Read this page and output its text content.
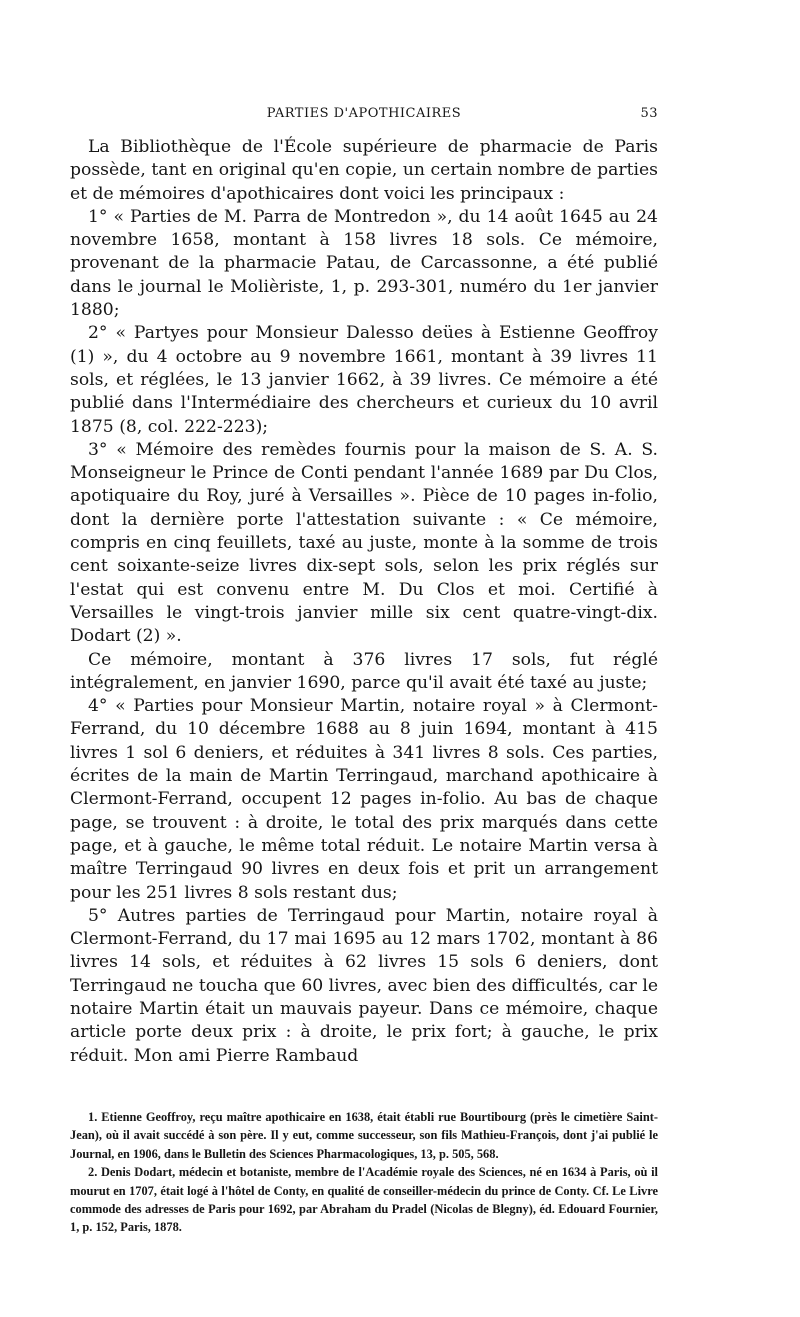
PARTIES D'APOTHICAIRES	53

La Bibliothèque de l'École supérieure de pharmacie de Paris possède, tant en original qu'en copie, un certain nombre de parties et de mémoires d'apothicaires dont voici les principaux :

1° « Parties de M. Parra de Montredon », du 14 août 1645 au 24 novembre 1658, montant à 158 livres 18 sols. Ce mémoire, provenant de la pharmacie Patau, de Carcassonne, a été publié dans le journal le Molièriste, 1, p. 293-301, numéro du 1er janvier 1880;

2° « Partyes pour Monsieur Dalesso deües à Estienne Geoffroy (1) », du 4 octobre au 9 novembre 1661, montant à 39 livres 11 sols, et réglées, le 13 janvier 1662, à 39 livres. Ce mémoire a été publié dans l'Intermédiaire des chercheurs et curieux du 10 avril 1875 (8, col. 222-223);

3° « Mémoire des remèdes fournis pour la maison de S. A. S. Monseigneur le Prince de Conti pendant l'année 1689 par Du Clos, apotiquaire du Roy, juré à Versailles ». Pièce de 10 pages in-folio, dont la dernière porte l'attestation suivante : « Ce mémoire, compris en cinq feuillets, taxé au juste, monte à la somme de trois cent soixante-seize livres dix-sept sols, selon les prix réglés sur l'estat qui est convenu entre M. Du Clos et moi. Certifié à Versailles le vingt-trois janvier mille six cent quatre-vingt-dix. Dodart (2) ».

Ce mémoire, montant à 376 livres 17 sols, fut réglé intégralement, en janvier 1690, parce qu'il avait été taxé au juste;

4° « Parties pour Monsieur Martin, notaire royal » à Clermont-Ferrand, du 10 décembre 1688 au 8 juin 1694, montant à 415 livres 1 sol 6 deniers, et réduites à 341 livres 8 sols. Ces parties, écrites de la main de Martin Terringaud, marchand apothicaire à Clermont-Ferrand, occupent 12 pages in-folio. Au bas de chaque page, se trouvent : à droite, le total des prix marqués dans cette page, et à gauche, le même total réduit. Le notaire Martin versa à maître Terringaud 90 livres en deux fois et prit un arrangement pour les 251 livres 8 sols restant dus;

5° Autres parties de Terringaud pour Martin, notaire royal à Clermont-Ferrand, du 17 mai 1695 au 12 mars 1702, montant à 86 livres 14 sols, et réduites à 62 livres 15 sols 6 deniers, dont Terringaud ne toucha que 60 livres, avec bien des difficultés, car le notaire Martin était un mauvais payeur. Dans ce mémoire, chaque article porte deux prix : à droite, le prix fort; à gauche, le prix réduit. Mon ami Pierre Rambaud

1. Etienne Geoffroy, reçu maître apothicaire en 1638, était établi rue Bourtibourg (près le cimetière Saint-Jean), où il avait succédé à son père. Il y eut, comme successeur, son fils Mathieu-François, dont j'ai publié le Journal, en 1906, dans le Bulletin des Sciences Pharmacologiques, 13, p. 505, 568.

2. Denis Dodart, médecin et botaniste, membre de l'Académie royale des Sciences, né en 1634 à Paris, où il mourut en 1707, était logé à l'hôtel de Conty, en qualité de conseiller-médecin du prince de Conty. Cf. Le Livre commode des adresses de Paris pour 1692, par Abraham du Pradel (Nicolas de Blegny), éd. Edouard Fournier, 1, p. 152, Paris, 1878.
